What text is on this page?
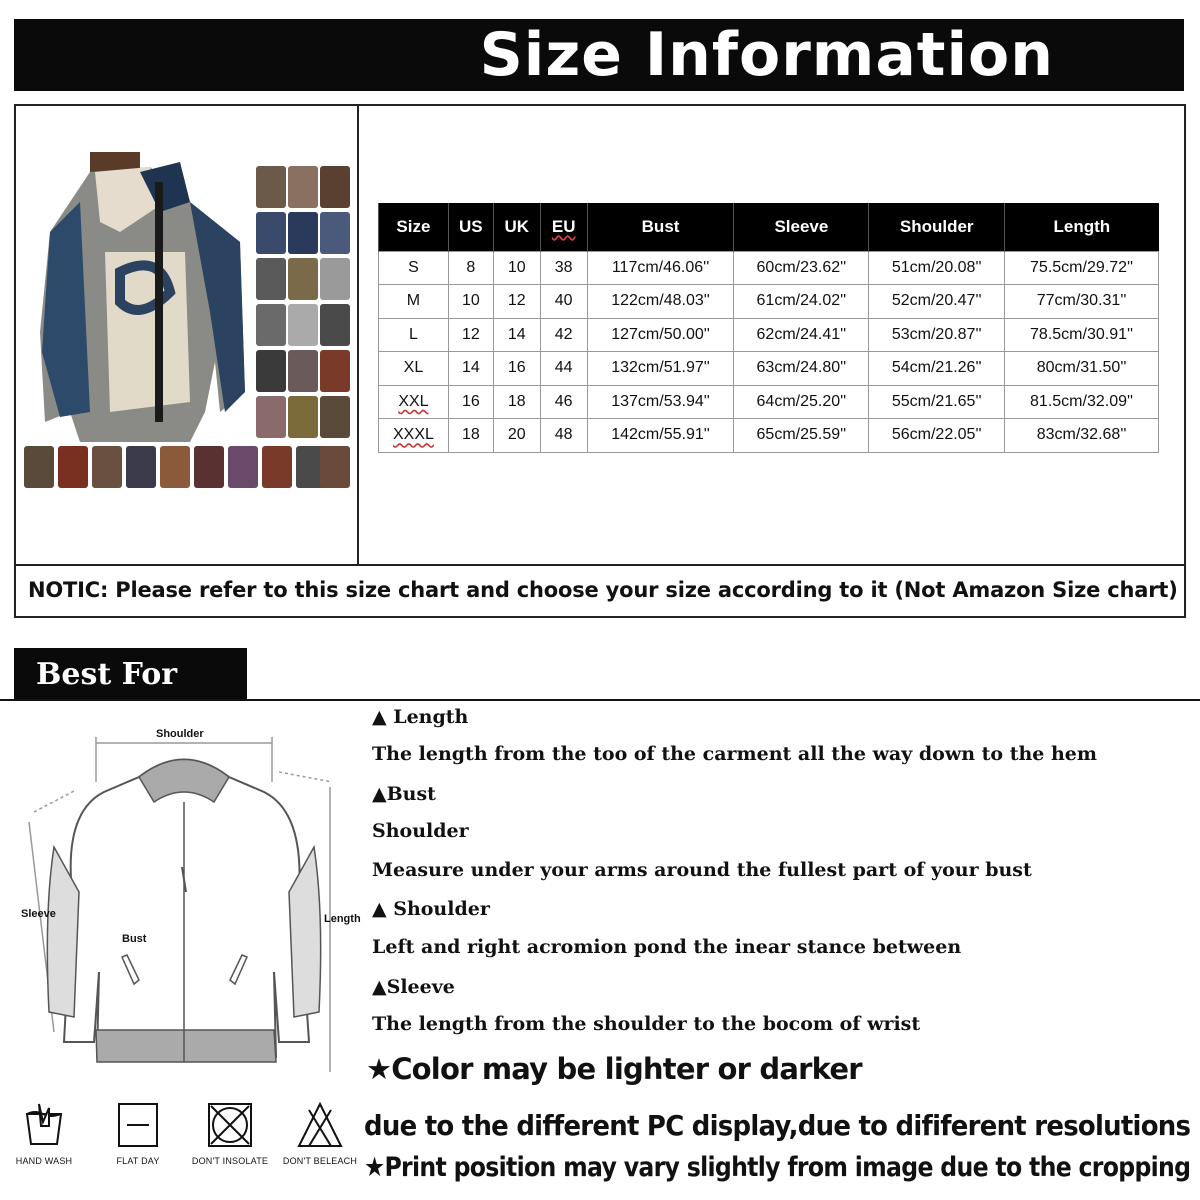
Size Information
NOTIC: Please refer to this size chart and choose your size according to it (Not Amazon Size chart)
Size	US	UK	EU	Bust	Sleeve	Shoulder	Length
S	8	10	38	117cm/46.06''	60cm/23.62''	51cm/20.08''	75.5cm/29.72''
M	10	12	40	122cm/48.03''	61cm/24.02''	52cm/20.47''	77cm/30.31''
L	12	14	42	127cm/50.00''	62cm/24.41''	53cm/20.87''	78.5cm/30.91''
XL	14	16	44	132cm/51.97''	63cm/24.80''	54cm/21.26''	80cm/31.50''
XXL	16	18	46	137cm/53.94''	64cm/25.20''	55cm/21.65''	81.5cm/32.09''
XXXL	18	20	48	142cm/55.91''	65cm/25.59''	56cm/22.05''	83cm/32.68''
Best For You	Shoulder
Sleeve
Bust
Length
▲ Length
The length from the too of the carment all the way down to the hem
▲Bust
Shoulder
Measure under your arms around the fullest part of your bust
▲ Shoulder
Left and right acromion pond the inear stance between
▲Sleeve
The length from the shoulder to the bocom of wrist
★Color may be lighter or darker
due to the different PC display,due to dififerent resolutions
★Print position may vary slightly from image due to the cropping
HAND WASH	FLAT DAY	DON'T INSOLATE	DON'T BELEACH
